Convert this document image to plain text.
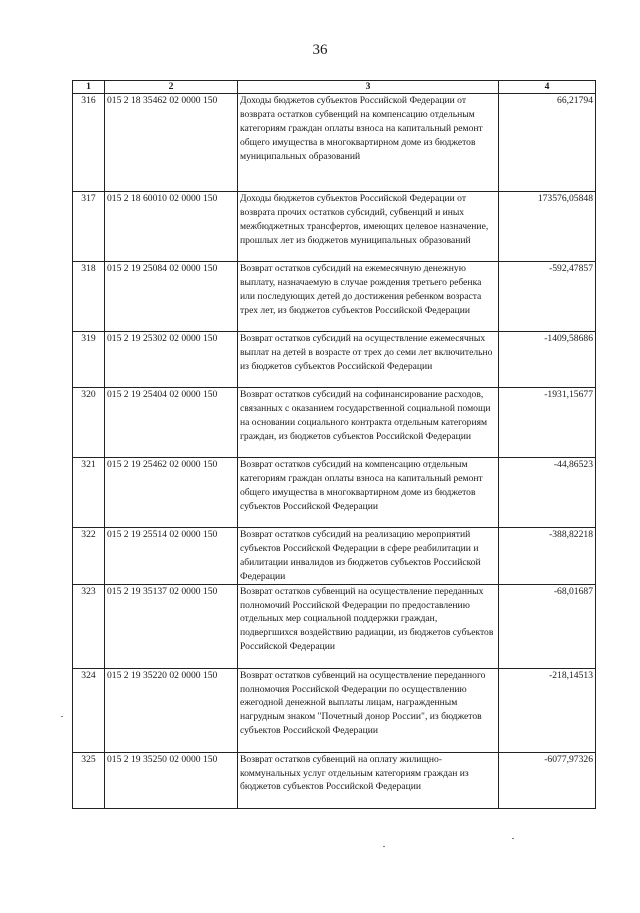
36
1	2	3	4
316	015 2 18 35462 02 0000 150	Доходы бюджетов субъектов Российской Федерации от возврата остатков субвенций на компенсацию отдельным категориям граждан оплаты взноса на капитальный ремонт общего имущества в многоквартирном доме из бюджетов муниципальных образований	66,21794
317	015 2 18 60010 02 0000 150	Доходы бюджетов субъектов Российской Федерации от возврата прочих остатков субсидий, субвенций и иных межбюджетных трансфертов, имеющих целевое назначение, прошлых лет из бюджетов муниципальных образований	173576,05848
318	015 2 19 25084 02 0000 150	Возврат остатков субсидий на ежемесячную денежную выплату, назначаемую в случае рождения третьего ребенка или последующих детей до достижения ребенком возраста трех лет, из бюджетов субъектов Российской Федерации	-592,47857
319	015 2 19 25302 02 0000 150	Возврат остатков субсидий на осуществление ежемесячных выплат на детей в возрасте от трех до семи лет включительно из бюджетов субъектов Российской Федерации	-1409,58686
320	015 2 19 25404 02 0000 150	Возврат остатков субсидий на софинансирование расходов, связанных с оказанием государственной социальной помощи на основании социального контракта отдельным категориям граждан, из бюджетов субъектов Российской Федерации	-1931,15677
321	015 2 19 25462 02 0000 150	Возврат остатков субсидий на компенсацию отдельным категориям граждан оплаты взноса на капитальный ремонт общего имущества в многоквартирном доме из бюджетов субъектов Российской Федерации	-44,86523
322	015 2 19 25514 02 0000 150	Возврат остатков субсидий на реализацию мероприятий субъектов Российской Федерации в сфере реабилитации и абилитации инвалидов из бюджетов субъектов Российской Федерации	-388,82218
323	015 2 19 35137 02 0000 150	Возврат остатков субвенций на осуществление переданных полномочий Российской Федерации по предоставлению отдельных мер социальной поддержки граждан, подвергшихся воздействию радиации, из бюджетов субъектов Российской Федерации	-68,01687
324	015 2 19 35220 02 0000 150	Возврат остатков субвенций на осуществление переданного полномочия Российской Федерации по осуществлению ежегодной денежной выплаты лицам, награжденным нагрудным знаком "Почетный донор России", из бюджетов субъектов Российской Федерации	-218,14513
325	015 2 19 35250 02 0000 150	Возврат остатков субвенций на оплату жилищно-коммунальных услуг отдельным категориям граждан из бюджетов субъектов Российской Федерации	-6077,97326
